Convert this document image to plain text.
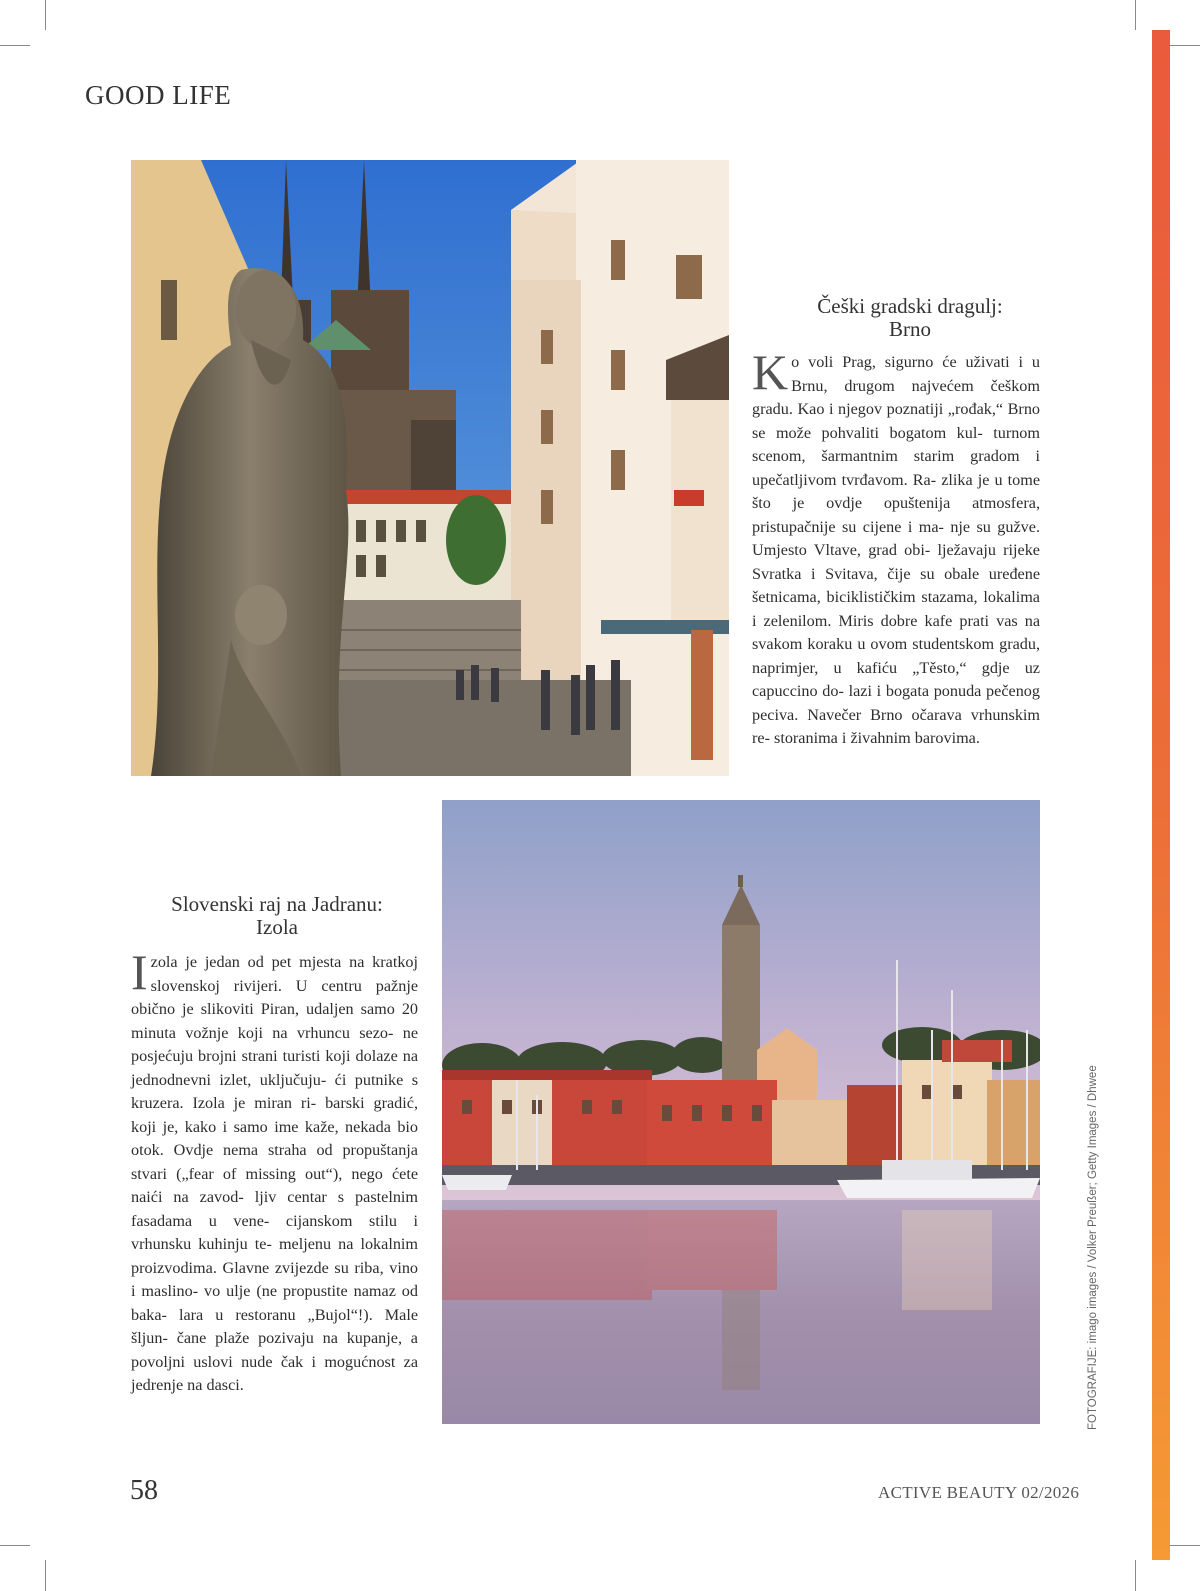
GOOD LIFE
Češki gradski dragulj:
Brno
Ko voli Prag, sigurno će uživati i u Brnu, drugom najvećem češkom gradu. Kao i njegov poznatiji „rođak,“ Brno se može pohvaliti bogatom kul- turnom scenom, šarmantnim starim gradom i upečatljivom tvrđavom. Ra- zlika je u tome što je ovdje opuštenija atmosfera, pristupačnije su cijene i ma- nje su gužve. Umjesto Vltave, grad obi- lježavaju rijeke Svratka i Svitava, čije su obale uređene šetnicama, biciklističkim stazama, lokalima i zelenilom. Miris dobre kafe prati vas na svakom koraku u ovom studentskom gradu, naprimjer, u kafiću „Těsto,“ gdje uz capuccino do- lazi i bogata ponuda pečenog peciva. Navečer Brno očarava vrhunskim re- storanima i živahnim barovima.
Slovenski raj na Jadranu:
Izola
Izola je jedan od pet mjesta na kratkoj slovenskoj rivijeri. U centru pažnje obično je slikoviti Piran, udaljen samo 20 minuta vožnje koji na vrhuncu sezo- ne posjećuju brojni strani turisti koji dolaze na jednodnevni izlet, uključuju- ći putnike s kruzera. Izola je miran ri- barski gradić, koji je, kako i samo ime kaže, nekada bio otok. Ovdje nema straha od propuštanja stvari („fear of missing out“), nego ćete naići na zavod- ljiv centar s pastelnim fasadama u vene- cijanskom stilu i vrhunsku kuhinju te- meljenu na lokalnim proizvodima. Glavne zvijezde su riba, vino i maslino- vo ulje (ne propustite namaz od baka- lara u restoranu „Bujol“!). Male šljun- čane plaže pozivaju na kupanje, a povoljni uslovi nude čak i mogućnost za jedrenje na dasci.	FOTOGRAFIJE: imago images / Volker Preußer; Getty Images / Dhwee
58	ACTIVE BEAUTY 02/2026
